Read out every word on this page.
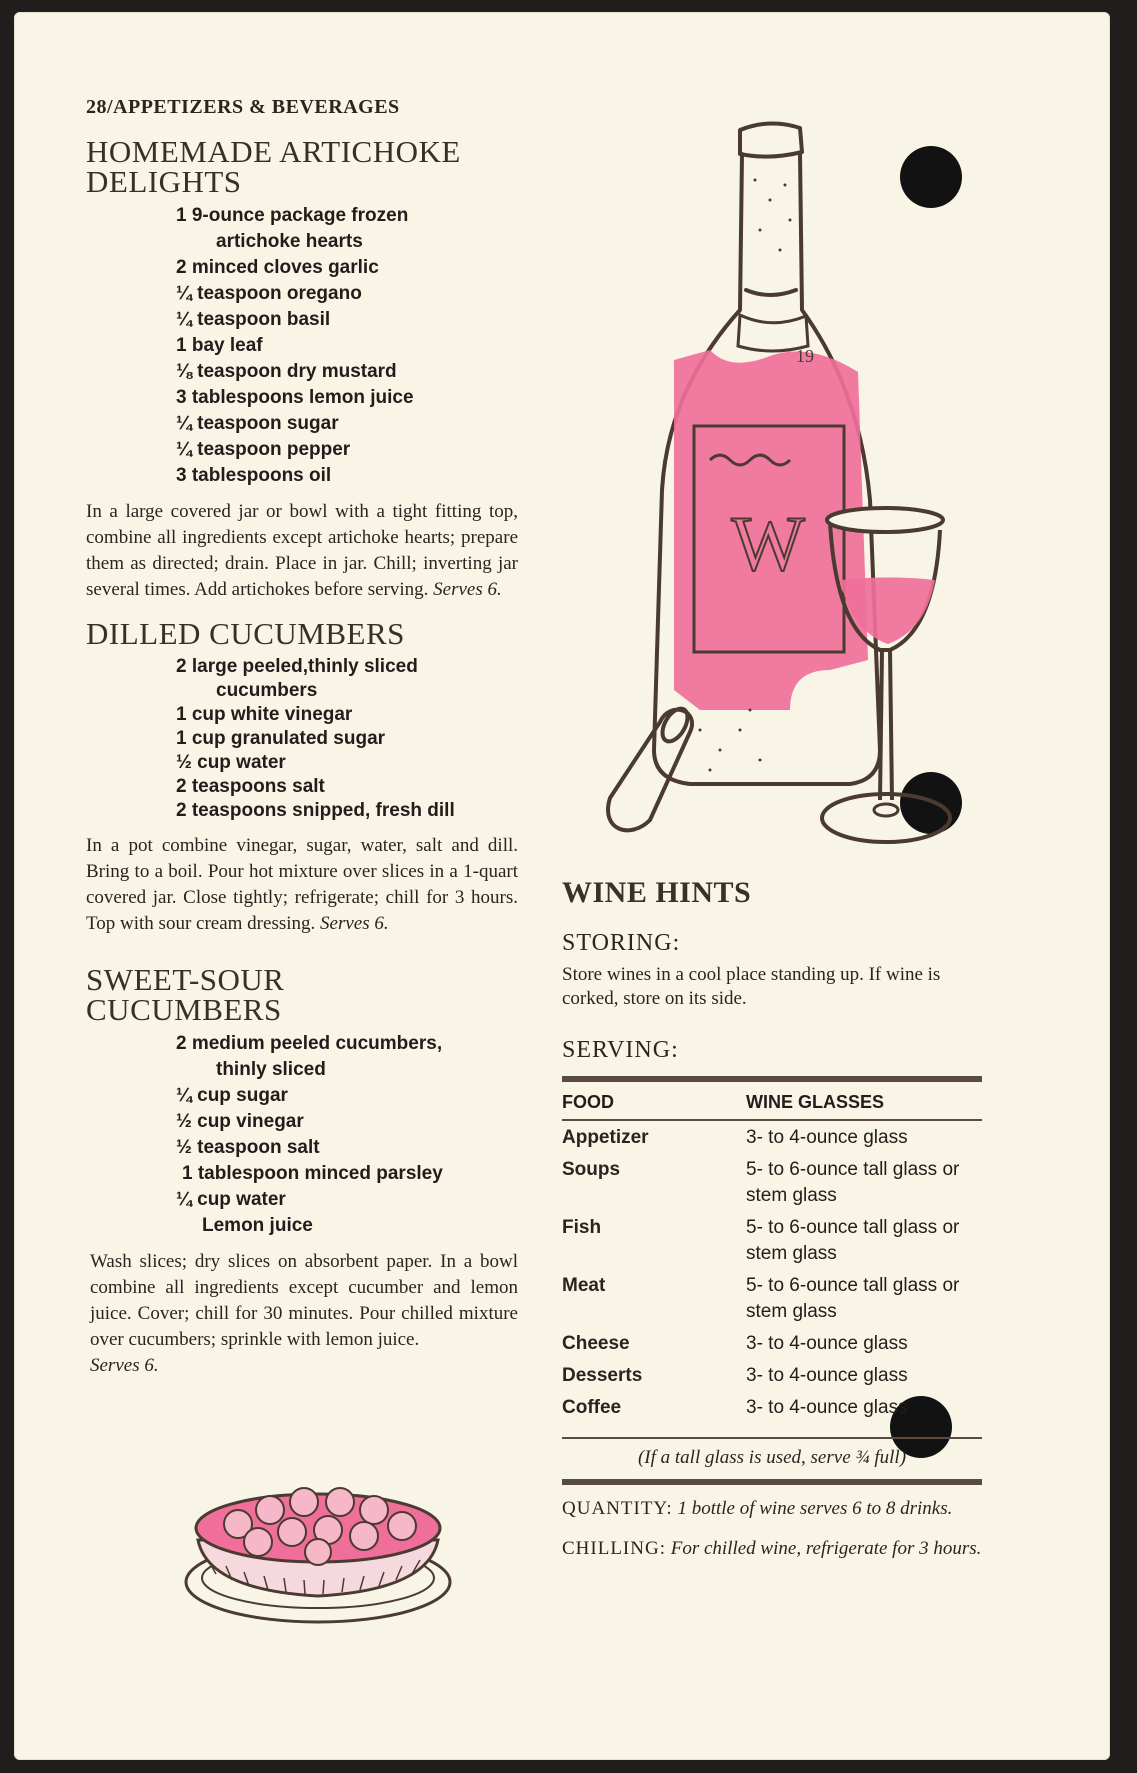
28/APPETIZERS & BEVERAGES
HOMEMADE ARTICHOKE
DELIGHTS
1 9-ounce package frozen
artichoke hearts
2 minced cloves garlic
¼ teaspoon oregano
¼ teaspoon basil
1 bay leaf
⅛ teaspoon dry mustard
3 tablespoons lemon juice
¼ teaspoon sugar
¼ teaspoon pepper
3 tablespoons oil

In a large covered jar or bowl with a tight fitting top, combine all ingredients except artichoke hearts; prepare them as directed; drain. Place in jar. Chill; inverting jar several times. Add artichokes before serving. Serves 6.

DILLED CUCUMBERS
2 large peeled,thinly sliced
cucumbers
1 cup white vinegar
1 cup granulated sugar
½ cup water
2 teaspoons salt
2 teaspoons snipped, fresh dill

In a pot combine vinegar, sugar, water, salt and dill. Bring to a boil. Pour hot mixture over slices in a 1-quart covered jar. Close tightly; refrigerate; chill for 3 hours. Top with sour cream dressing. Serves 6.

SWEET-SOUR
CUCUMBERS
2 medium peeled cucumbers,
thinly sliced
¼ cup sugar
½ cup vinegar
½ teaspoon salt
1 tablespoon minced parsley
¼ cup water
Lemon juice

Wash slices; dry slices on absorbent paper. In a bowl combine all ingredients except cucumber and lemon juice. Cover; chill for 30 minutes. Pour chilled mixture over cucumbers; sprinkle with lemon juice.
Serves 6.

W
19
WINE HINTS
STORING:

Store wines in a cool place standing up. If wine is corked, store on its side.

SERVING:
FOOD	WINE GLASSES
Appetizer	3- to 4-ounce glass
Soups	5- to 6-ounce tall glass or stem glass
Fish	5- to 6-ounce tall glass or stem glass
Meat	5- to 6-ounce tall glass or stem glass
Cheese	3- to 4-ounce glass
Desserts	3- to 4-ounce glass
Coffee	3- to 4-ounce glass
(If a tall glass is used, serve ¾ full)

QUANTITY: 1 bottle of wine serves 6 to 8 drinks.

CHILLING: For chilled wine, refrigerate for 3 hours.
